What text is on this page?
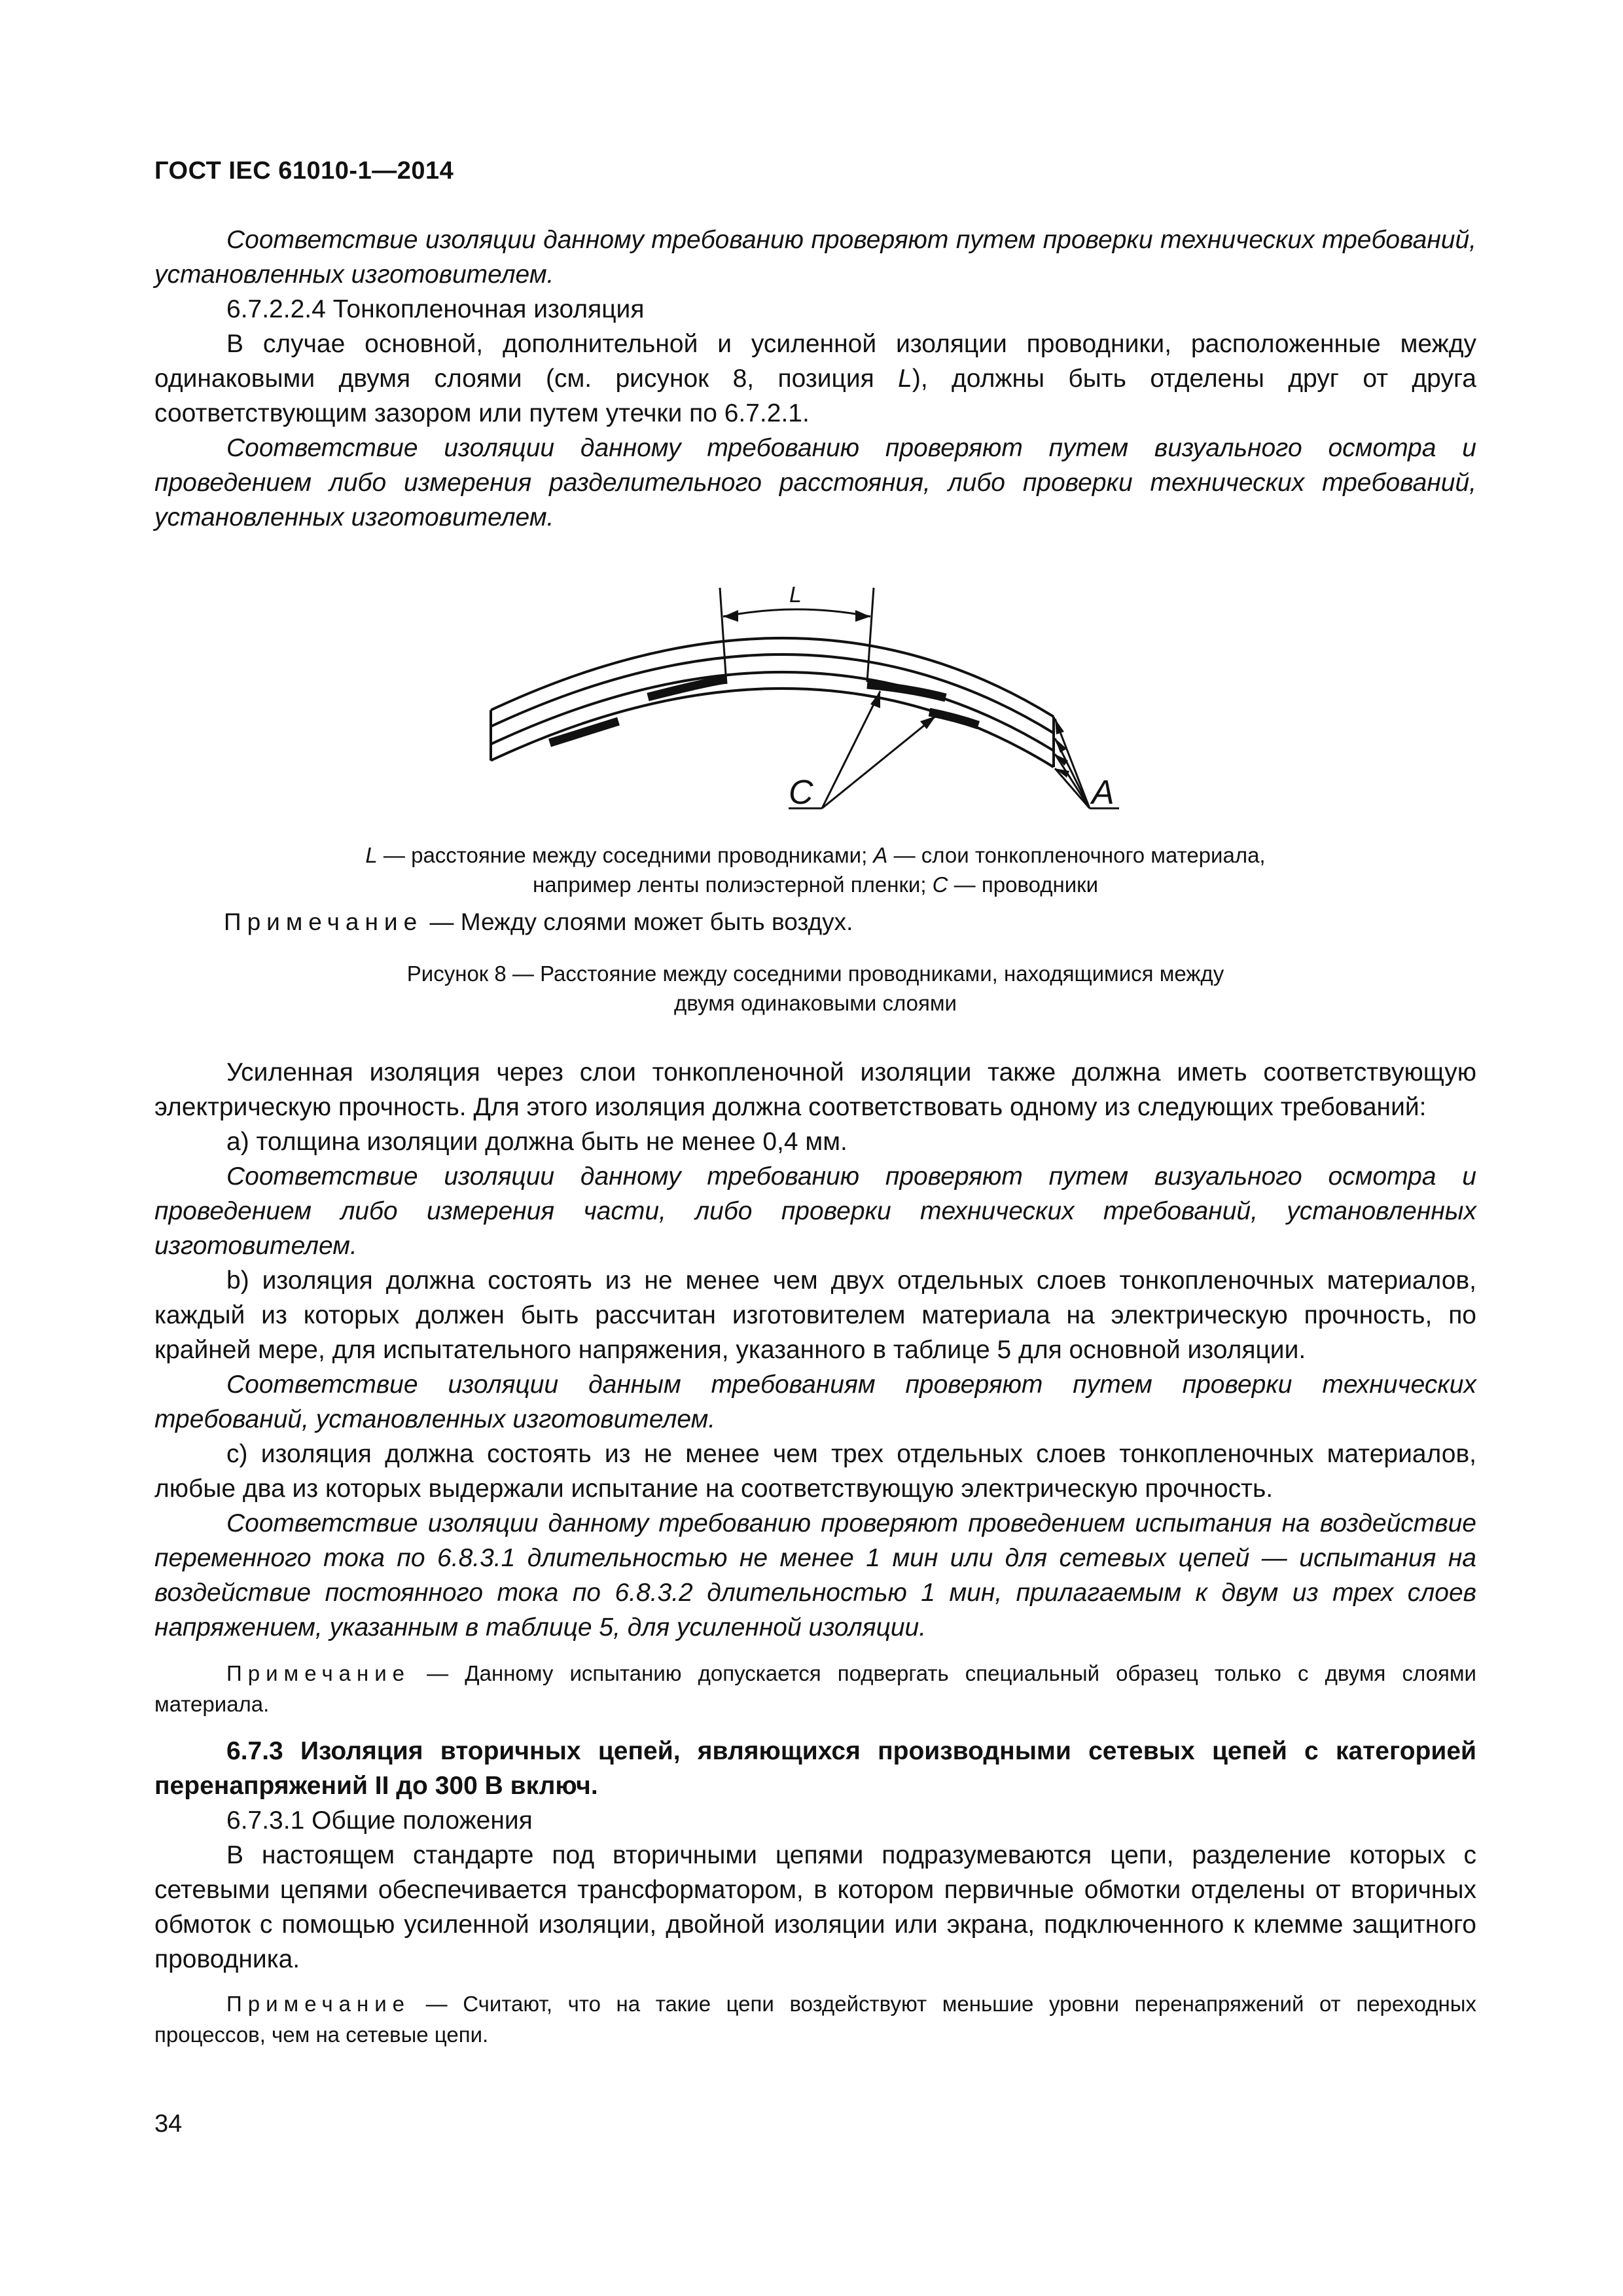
ГОСТ IEC 61010-1—2014

Соответствие изоляции данному требованию проверяют путем проверки технических требований, установленных изготовителем.

6.7.2.2.4 Тонкопленочная изоляция

В случае основной, дополнительной и усиленной изоляции проводники, расположенные между одинаковыми двумя слоями (см. рисунок 8, позиция L), должны быть отделены друг от друга соответствующим зазором или путем утечки по 6.7.2.1.

Соответствие изоляции данному требованию проверяют путем визуального осмотра и проведением либо измерения разделительного расстояния, либо проверки технических требований, установленных изготовителем.

L
C	A
L — расстояние между соседними проводниками; A — слои тонкопленочного материала,
например ленты полиэстерной пленки; C — проводники

Примечание — Между слоями может быть воздух.

Рисунок 8 — Расстояние между соседними проводниками, находящимися между
двумя одинаковыми слоями

Усиленная изоляция через слои тонкопленочной изоляции также должна иметь соответствующую электрическую прочность. Для этого изоляция должна соответствовать одному из следующих требований:

a) толщина изоляции должна быть не менее 0,4 мм.

Соответствие изоляции данному требованию проверяют путем визуального осмотра и проведением либо измерения части, либо проверки технических требований, установленных изготовителем.

b) изоляция должна состоять из не менее чем двух отдельных слоев тонкопленочных материалов, каждый из которых должен быть рассчитан изготовителем материала на электрическую прочность, по крайней мере, для испытательного напряжения, указанного в таблице 5 для основной изоляции.

Соответствие изоляции данным требованиям проверяют путем проверки технических требований, установленных изготовителем.

c) изоляция должна состоять из не менее чем трех отдельных слоев тонкопленочных материалов, любые два из которых выдержали испытание на соответствующую электрическую прочность.

Соответствие изоляции данному требованию проверяют проведением испытания на воздействие переменного тока по 6.8.3.1 длительностью не менее 1 мин или для сетевых цепей — испытания на воздействие постоянного тока по 6.8.3.2 длительностью 1 мин, прилагаемым к двум из трех слоев напряжением, указанным в таблице 5, для усиленной изоляции.

Примечание — Данному испытанию допускается подвергать специальный образец только с двумя слоями материала.

6.7.3 Изоляция вторичных цепей, являющихся производными сетевых цепей с категорией перенапряжений II до 300 В включ.

6.7.3.1 Общие положения

В настоящем стандарте под вторичными цепями подразумеваются цепи, разделение которых с сетевыми цепями обеспечивается трансформатором, в котором первичные обмотки отделены от вторичных обмоток с помощью усиленной изоляции, двойной изоляции или экрана, подключенного к клемме защитного проводника.

Примечание — Считают, что на такие цепи воздействуют меньшие уровни перенапряжений от переходных процессов, чем на сетевые цепи.

34
